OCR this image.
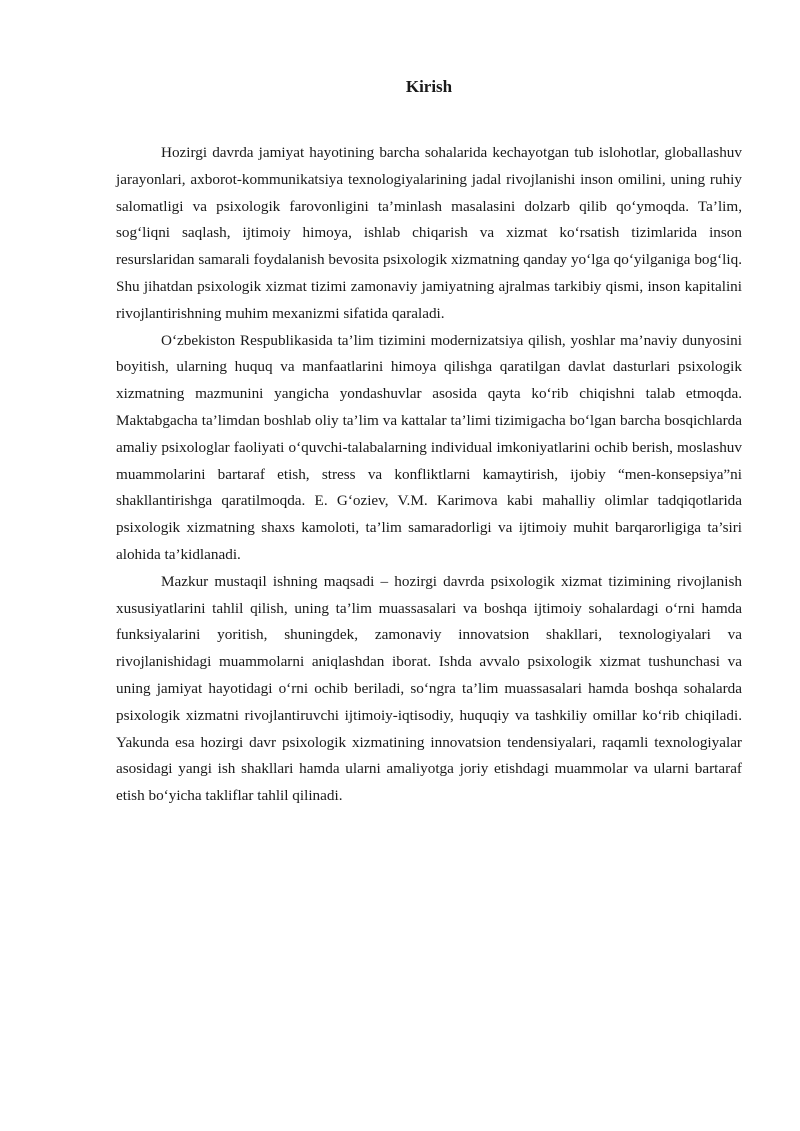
Kirish

Hozirgi davrda jamiyat hayotining barcha sohalarida kechayotgan tub islohotlar, globallashuv jarayonlari, axborot-kommunikatsiya texnologiyalarining jadal rivojlanishi inson omilini, uning ruhiy salomatligi va psixologik farovonligini ta’minlash masalasini dolzarb qilib qo‘ymoqda. Ta’lim, sog‘liqni saqlash, ijtimoiy himoya, ishlab chiqarish va xizmat ko‘rsatish tizimlarida inson resurslaridan samarali foydalanish bevosita psixologik xizmatning qanday yo‘lga qo‘yilganiga bog‘liq. Shu jihatdan psixologik xizmat tizimi zamonaviy jamiyatning ajralmas tarkibiy qismi, inson kapitalini rivojlantirishning muhim mexanizmi sifatida qaraladi.

O‘zbekiston Respublikasida ta’lim tizimini modernizatsiya qilish, yoshlar ma’naviy dunyosini boyitish, ularning huquq va manfaatlarini himoya qilishga qaratilgan davlat dasturlari psixologik xizmatning mazmunini yangicha yondashuvlar asosida qayta ko‘rib chiqishni talab etmoqda. Maktabgacha ta’limdan boshlab oliy ta’lim va kattalar ta’limi tizimigacha bo‘lgan barcha bosqichlarda amaliy psixologlar faoliyati o‘quvchi-talabalarning individual imkoniyatlarini ochib berish, moslashuv muammolarini bartaraf etish, stress va konfliktlarni kamaytirish, ijobiy “men-konsepsiya”ni shakllantirishga qaratilmoqda. E. G‘oziev, V.M. Karimova kabi mahalliy olimlar tadqiqotlarida psixologik xizmatning shaxs kamoloti, ta’lim samaradorligi va ijtimoiy muhit barqarorligiga ta’siri alohida ta’kidlanadi.

Mazkur mustaqil ishning maqsadi – hozirgi davrda psixologik xizmat tizimining rivojlanish xususiyatlarini tahlil qilish, uning ta’lim muassasalari va boshqa ijtimoiy sohalardagi o‘rni hamda funksiyalarini yoritish, shuningdek, zamonaviy innovatsion shakllari, texnologiyalari va rivojlanishidagi muammolarni aniqlashdan iborat. Ishda avvalo psixologik xizmat tushunchasi va uning jamiyat hayotidagi o‘rni ochib beriladi, so‘ngra ta’lim muassasalari hamda boshqa sohalarda psixologik xizmatni rivojlantiruvchi ijtimoiy-iqtisodiy, huquqiy va tashkiliy omillar ko‘rib chiqiladi. Yakunda esa hozirgi davr psixologik xizmatining innovatsion tendensiyalari, raqamli texnologiyalar asosidagi yangi ish shakllari hamda ularni amaliyotga joriy etishdagi muammolar va ularni bartaraf etish bo‘yicha takliflar tahlil qilinadi.
